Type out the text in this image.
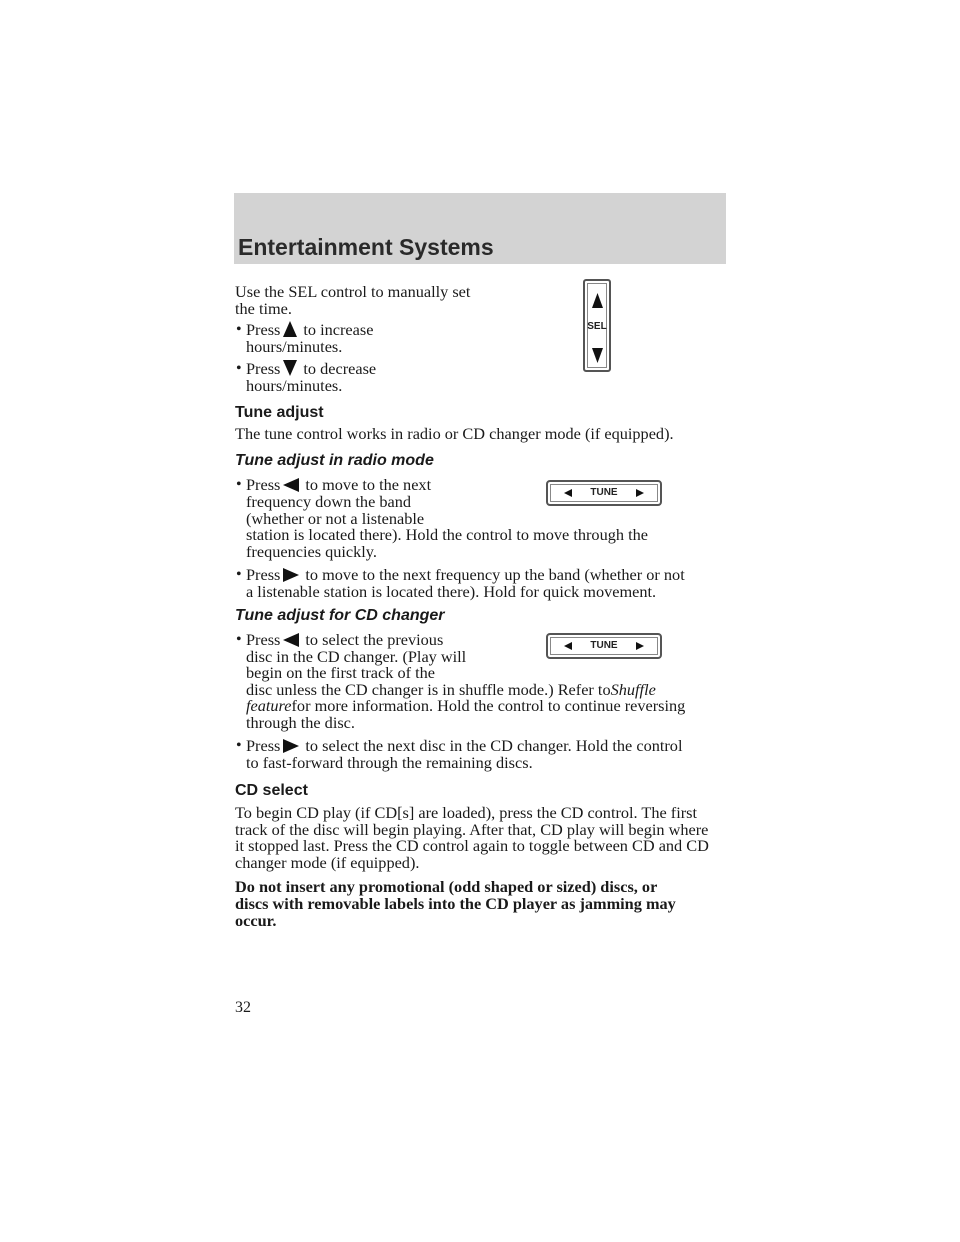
Entertainment Systems
Use the SEL control to manually set
the time.
• Press to increase
hours/minutes.
• Press to decrease
hours/minutes.
SEL
Tune adjust
The tune control works in radio or CD changer mode (if equipped).
Tune adjust in radio mode
• Press to move to the next
frequency down the band
(whether or not a listenable
station is located there). Hold the control to move through the
frequencies quickly.
• Press to move to the next frequency up the band (whether or not
a listenable station is located there). Hold for quick movement.
TUNE
Tune adjust for CD changer
• Press to select the previous
disc in the CD changer. (Play will
begin on the first track of the
disc unless the CD changer is in shuffle mode.) Refer toShuffle
featurefor more information. Hold the control to continue reversing
through the disc.
• Press to select the next disc in the CD changer. Hold the control
to fast-forward through the remaining discs.
TUNE
CD select
To begin CD play (if CD[s] are loaded), press the CD control. The first
track of the disc will begin playing. After that, CD play will begin where
it stopped last. Press the CD control again to toggle between CD and CD
changer mode (if equipped).
Do not insert any promotional (odd shaped or sized) discs, or
discs with removable labels into the CD player as jamming may
occur.
32
